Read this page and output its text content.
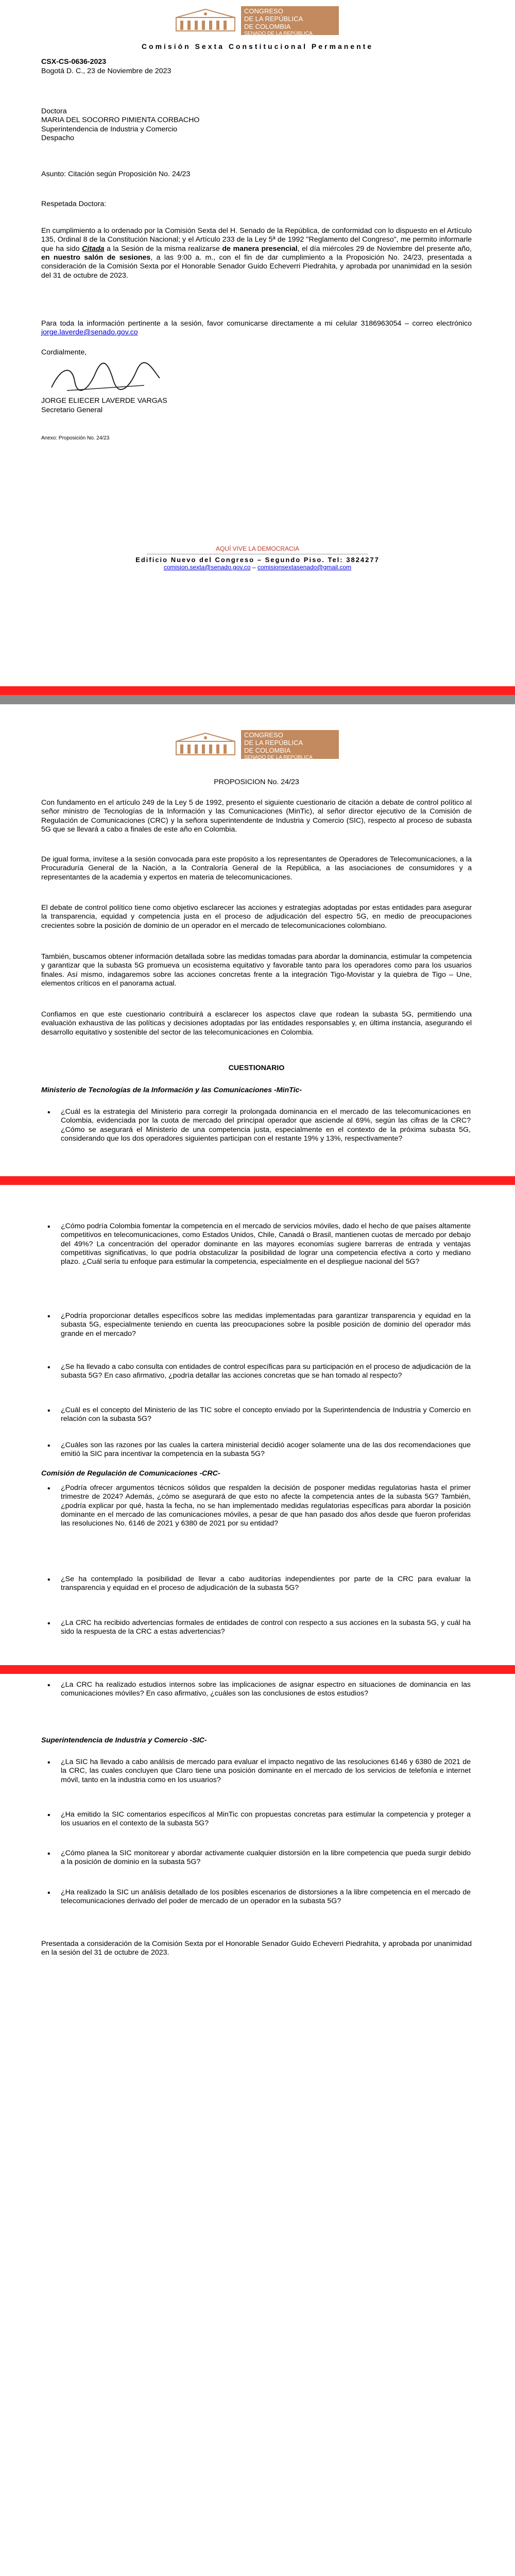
CONGRESO
DE LA REPÚBLICA
DE COLOMBIA
SENADO DE LA REPÚBLICA
Comisión Sexta Constitucional Permanente
CSX-CS-0636-2023
Bogotá D. C., 23 de Noviembre de 2023
Doctora
MARIA DEL SOCORRO PIMIENTA CORBACHO
Superintendencia de Industria y Comercio
Despacho
Asunto: Citación según Proposición No. 24/23
Respetada Doctora:
En cumplimiento a lo ordenado por la Comisión Sexta del H. Senado de la República, de conformidad con lo dispuesto en el Artículo 135, Ordinal 8 de la Constitución Nacional; y el Artículo 233 de la Ley 5ª de 1992 "Reglamento del Congreso", me permito informarle que ha sido Citada a la Sesión de la misma realizarse de manera presencial, el día miércoles 29 de Noviembre del presente año, en nuestro salón de sesiones, a las 9:00 a. m., con el fin de dar cumplimiento a la Proposición No. 24/23, presentada a consideración de la Comisión Sexta por el Honorable Senador Guido Echeverri Piedrahita, y aprobada por unanimidad en la sesión del 31 de octubre de 2023.
Para toda la información pertinente a la sesión, favor comunicarse directamente a mi celular 3186963054 – correo electrónico jorge.laverde@senado.gov.co
Cordialmente,
JORGE ELIECER LAVERDE VARGAS
Secretario General
Anexo: Proposición No. 24/23
AQUÍ VIVE LA DEMOCRACIA
Edificio Nuevo del Congreso – Segundo Piso. Tel: 3824277
comision.sexta@senado.gov.co – comisionsextasenado@gmail.com
CONGRESO
DE LA REPÚBLICA
DE COLOMBIA
SENADO DE LA REPÚBLICA
PROPOSICION No. 24/23
Con fundamento en el artículo 249 de la Ley 5 de 1992, presento el siguiente cuestionario de citación a debate de control político al señor ministro de Tecnologías de la Información y las Comunicaciones (MinTic), al señor director ejecutivo de la Comisión de Regulación de Comunicaciones (CRC) y la señora superintendente de Industria y Comercio (SIC), respecto al proceso de subasta 5G que se llevará a cabo a finales de este año en Colombia.
De igual forma, invítese a la sesión convocada para este propósito a los representantes de Operadores de Telecomunicaciones, a la Procuraduría General de la Nación, a la Contraloría General de la República, a las asociaciones de consumidores y a representantes de la academia y expertos en materia de telecomunicaciones.
El debate de control político tiene como objetivo esclarecer las acciones y estrategias adoptadas por estas entidades para asegurar la transparencia, equidad y competencia justa en el proceso de adjudicación del espectro 5G, en medio de preocupaciones crecientes sobre la posición de dominio de un operador en el mercado de telecomunicaciones colombiano.
También, buscamos obtener información detallada sobre las medidas tomadas para abordar la dominancia, estimular la competencia y garantizar que la subasta 5G promueva un ecosistema equitativo y favorable tanto para los operadores como para los usuarios finales. Así mismo, indagaremos sobre las acciones concretas frente a la integración Tigo-Movistar y la quiebra de Tigo – Une, elementos críticos en el panorama actual.
Confiamos en que este cuestionario contribuirá a esclarecer los aspectos clave que rodean la subasta 5G, permitiendo una evaluación exhaustiva de las políticas y decisiones adoptadas por las entidades responsables y, en última instancia, asegurando el desarrollo equitativo y sostenible del sector de las telecomunicaciones en Colombia.
CUESTIONARIO
Ministerio de Tecnologías de la Información y las Comunicaciones -MinTic-
• ¿Cuál es la estrategia del Ministerio para corregir la prolongada dominancia en el mercado de las telecomunicaciones en Colombia, evidenciada por la cuota de mercado del principal operador que asciende al 69%, según las cifras de la CRC? ¿Cómo se asegurará el Ministerio de una competencia justa, especialmente en el contexto de la próxima subasta 5G, considerando que los dos operadores siguientes participan con el restante 19% y 13%, respectivamente?
• ¿Cómo podría Colombia fomentar la competencia en el mercado de servicios móviles, dado el hecho de que países altamente competitivos en telecomunicaciones, como Estados Unidos, Chile, Canadá o Brasil, mantienen cuotas de mercado por debajo del 49%? La concentración del operador dominante en las mayores economías sugiere barreras de entrada y ventajas competitivas significativas, lo que podría obstaculizar la posibilidad de lograr una competencia efectiva a corto y mediano plazo. ¿Cuál sería tu enfoque para estimular la competencia, especialmente en el despliegue nacional del 5G?
• ¿Podría proporcionar detalles específicos sobre las medidas implementadas para garantizar transparencia y equidad en la subasta 5G, especialmente teniendo en cuenta las preocupaciones sobre la posible posición de dominio del operador más grande en el mercado?
• ¿Se ha llevado a cabo consulta con entidades de control específicas para su participación en el proceso de adjudicación de la subasta 5G? En caso afirmativo, ¿podría detallar las acciones concretas que se han tomado al respecto?
• ¿Cuál es el concepto del Ministerio de las TIC sobre el concepto enviado por la Superintendencia de Industria y Comercio en relación con la subasta 5G?
• ¿Cuáles son las razones por las cuales la cartera ministerial decidió acoger solamente una de las dos recomendaciones que emitió la SIC para incentivar la competencia en la subasta 5G?
Comisión de Regulación de Comunicaciones -CRC-
• ¿Podría ofrecer argumentos técnicos sólidos que respalden la decisión de posponer medidas regulatorias hasta el primer trimestre de 2024? Además, ¿cómo se asegurará de que esto no afecte la competencia antes de la subasta 5G? También, ¿podría explicar por qué, hasta la fecha, no se han implementado medidas regulatorias específicas para abordar la posición dominante en el mercado de las comunicaciones móviles, a pesar de que han pasado dos años desde que fueron proferidas las resoluciones No. 6146 de 2021 y 6380 de 2021 por su entidad?
• ¿Se ha contemplado la posibilidad de llevar a cabo auditorías independientes por parte de la CRC para evaluar la transparencia y equidad en el proceso de adjudicación de la subasta 5G?
• ¿La CRC ha recibido advertencias formales de entidades de control con respecto a sus acciones en la subasta 5G, y cuál ha sido la respuesta de la CRC a estas advertencias?
• ¿La CRC ha realizado estudios internos sobre las implicaciones de asignar espectro en situaciones de dominancia en las comunicaciones móviles? En caso afirmativo, ¿cuáles son las conclusiones de estos estudios?
Superintendencia de Industria y Comercio -SIC-
• ¿La SIC ha llevado a cabo análisis de mercado para evaluar el impacto negativo de las resoluciones 6146 y 6380 de 2021 de la CRC, las cuales concluyen que Claro tiene una posición dominante en el mercado de los servicios de telefonía e internet móvil, tanto en la industria como en los usuarios?
• ¿Ha emitido la SIC comentarios específicos al MinTic con propuestas concretas para estimular la competencia y proteger a los usuarios en el contexto de la subasta 5G?
• ¿Cómo planea la SIC monitorear y abordar activamente cualquier distorsión en la libre competencia que pueda surgir debido a la posición de dominio en la subasta 5G?
• ¿Ha realizado la SIC un análisis detallado de los posibles escenarios de distorsiones a la libre competencia en el mercado de telecomunicaciones derivado del poder de mercado de un operador en la subasta 5G?
Presentada a consideración de la Comisión Sexta por el Honorable Senador Guido Echeverri Piedrahita, y aprobada por unanimidad en la sesión del 31 de octubre de 2023.
